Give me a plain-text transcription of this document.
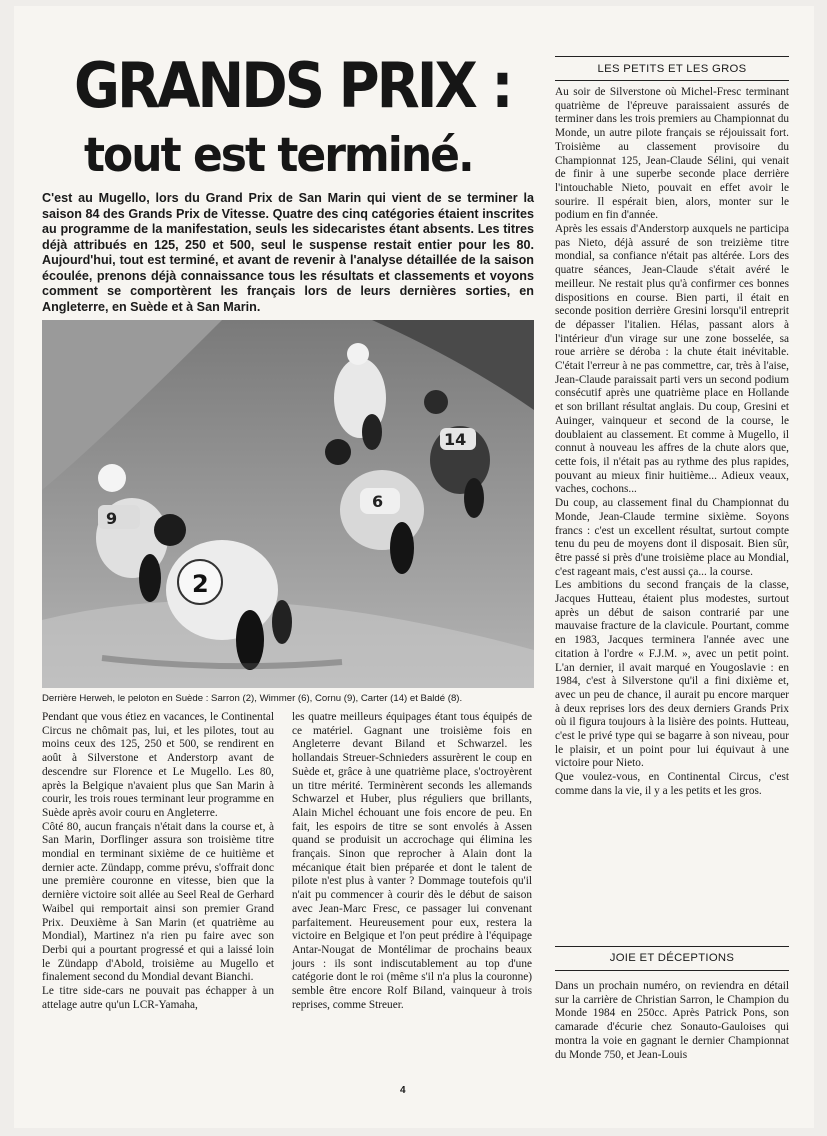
GRANDS PRIX :
tout est terminé.

C'est au Mugello, lors du Grand Prix de San Marin qui vient de se terminer la saison 84 des Grands Prix de Vitesse. Quatre des cinq catégories étaient inscrites au programme de la manifestation, seuls les sidecaristes étant absents. Les titres déjà attribués en 125, 250 et 500, seul le suspense restait entier pour les 80. Aujourd'hui, tout est terminé, et avant de revenir à l'analyse détaillée de la saison écoulée, prenons déjà connaissance tous les résultats et classements et voyons comment se comportèrent les français lors de leurs dernières sorties, en Angleterre, en Suède et à San Marin.

14
6
9
2

Derrière Herweh, le peloton en Suède : Sarron (2), Wimmer (6), Cornu (9), Carter (14) et Baldé (8).

Pendant que vous étiez en vacances, le Continental Circus ne chômait pas, lui, et les pilotes, tout au moins ceux des 125, 250 et 500, se rendirent en août à Silverstone et Anderstorp avant de descendre sur Florence et Le Mugello. Les 80, après la Belgique n'avaient plus que San Marin à courir, les trois roues terminant leur programme en Suède après avoir couru en Angleterre.

Côté 80, aucun français n'était dans la course et, à San Marin, Dorflinger assura son troisième titre mondial en terminant sixième de ce huitième et dernier acte. Zündapp, comme prévu, s'offrait donc une première couronne en vitesse, bien que la dernière victoire soit allée au Seel Real de Gerhard Waibel qui remportait ainsi son premier Grand Prix. Deuxième à San Marin (et quatrième au Mondial), Martinez n'a rien pu faire avec son Derbi qui a pourtant progressé et qui a laissé loin le Zündapp d'Abold, troisième au Mugello et finalement second du Mondial devant Bianchi.

Le titre side-cars ne pouvait pas échapper à un attelage autre qu'un LCR-Yamaha,

les quatre meilleurs équipages étant tous équipés de ce matériel. Gagnant une troisième fois en Angleterre devant Biland et Schwarzel. les hollandais Streuer-Schnieders assurèrent le coup en Suède et, grâce à une quatrième place, s'octroyèrent un titre mérité. Terminèrent seconds les allemands Schwarzel et Huber, plus réguliers que brillants, Alain Michel échouant une fois encore de peu. En fait, les espoirs de titre se sont envolés à Assen quand se produisit un accrochage qui élimina les français. Sinon que reprocher à Alain dont la mécanique était bien préparée et dont le talent de pilote n'est plus à vanter ? Dommage toutefois qu'il n'ait pu commencer à courir dès le début de saison avec Jean-Marc Fresc, ce passager lui convenant parfaitement. Heureusement pour eux, restera la victoire en Belgique et l'on peut prédire à l'équipage Antar-Nougat de Montélimar de prochains beaux jours : ils sont indiscutablement au top d'une catégorie dont le roi (même s'il n'a plus la couronne) semble être encore Rolf Biland, vainqueur à trois reprises, comme Streuer.

LES PETITS ET LES GROS

Au soir de Silverstone où Michel-Fresc terminant quatrième de l'épreuve paraissaient assurés de terminer dans les trois premiers au Championnat du Monde, un autre pilote français se réjouissait fort. Troisième au classement provisoire du Championnat 125, Jean-Claude Sélini, qui venait de finir à une superbe seconde place derrière l'intouchable Nieto, pouvait en effet avoir le sourire. Il espérait bien, alors, monter sur le podium en fin d'année.

Après les essais d'Anderstorp auxquels ne participa pas Nieto, déjà assuré de son treizième titre mondial, sa confiance n'était pas altérée. Lors des quatre séances, Jean-Claude s'était avéré le meilleur. Ne restait plus qu'à confirmer ces bonnes dispositions en course. Bien parti, il était en seconde position derrière Gresini lorsqu'il entreprit de dépasser l'italien. Hélas, passant alors à l'intérieur d'un virage sur une zone bosselée, sa roue arrière se déroba : la chute était inévitable. C'était l'erreur à ne pas commettre, car, très à l'aise, Jean-Claude paraissait parti vers un second podium consécutif après une quatrième place en Hollande et son brillant résultat anglais. Du coup, Gresini et Auinger, vainqueur et second de la course, le doublaient au classement. Et comme à Mugello, il connut à nouveau les affres de la chute alors que, cette fois, il n'était pas au rythme des plus rapides, pouvant au mieux finir huitième... Adieux veaux, vaches, cochons...

Du coup, au classement final du Championnat du Monde, Jean-Claude termine sixième. Soyons francs : c'est un excellent résultat, surtout compte tenu du peu de moyens dont il disposait. Bien sûr, être passé si près d'une troisième place au Mondial, c'est rageant mais, c'est aussi ça... la course.

Les ambitions du second français de la classe, Jacques Hutteau, étaient plus modestes, surtout après un début de saison contrarié par une mauvaise fracture de la clavicule. Pourtant, comme en 1983, Jacques terminera l'année avec une citation à l'ordre « F.J.M. », avec un petit point. L'an dernier, il avait marqué en Yougoslavie : en 1984, c'est à Silverstone qu'il a fini dixième et, avec un peu de chance, il aurait pu encore marquer à deux reprises lors des deux derniers Grands Prix où il figura toujours à la lisière des points. Hutteau, c'est le privé type qui se bagarre à son niveau, pour le plaisir, et un point pour lui équivaut à une victoire pour Nieto.

Que voulez-vous, en Continental Circus, c'est comme dans la vie, il y a les petits et les gros.

JOIE ET DÉCEPTIONS

Dans un prochain numéro, on reviendra en détail sur la carrière de Christian Sarron, le Champion du Monde 1984 en 250cc. Après Patrick Pons, son camarade d'écurie chez Sonauto-Gauloises qui montra la voie en gagnant le dernier Championnat du Monde 750, et Jean-Louis

4
